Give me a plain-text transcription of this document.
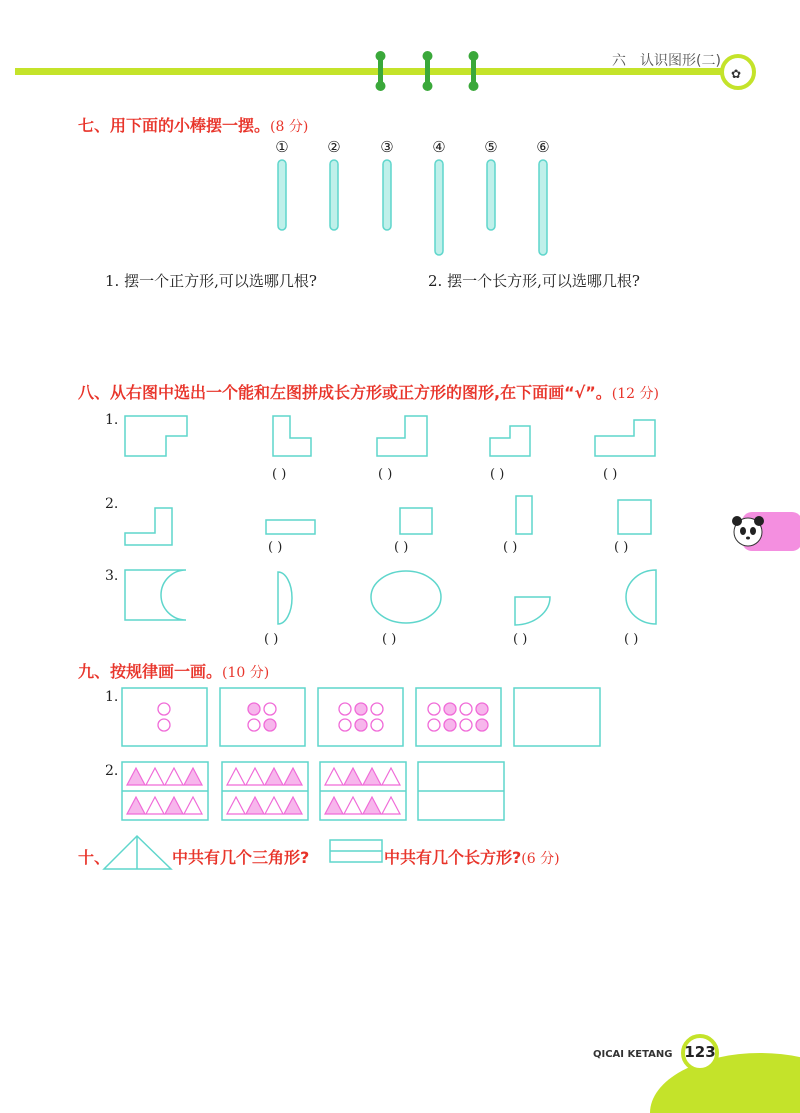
✿
六 认识图形(二)
七、用下面的小棒摆一摆。(8 分)
①	②	③	④	⑤	⑥
1. 摆一个正方形,可以选哪几根?	2. 摆一个长方形,可以选哪几根?
八、从右图中选出一个能和左图拼成长方形或正方形的图形,在下面画“√”。(12 分)
1.
( )	( )	( )	( )
2.
( )	( )	( )	( )
3.
( )	( )	( )	( )
九、按规律画一画。(10 分)
1.
2.
十、	中共有几个三角形?	中共有几个长方形?(6 分)
QICAI KETANG 123
